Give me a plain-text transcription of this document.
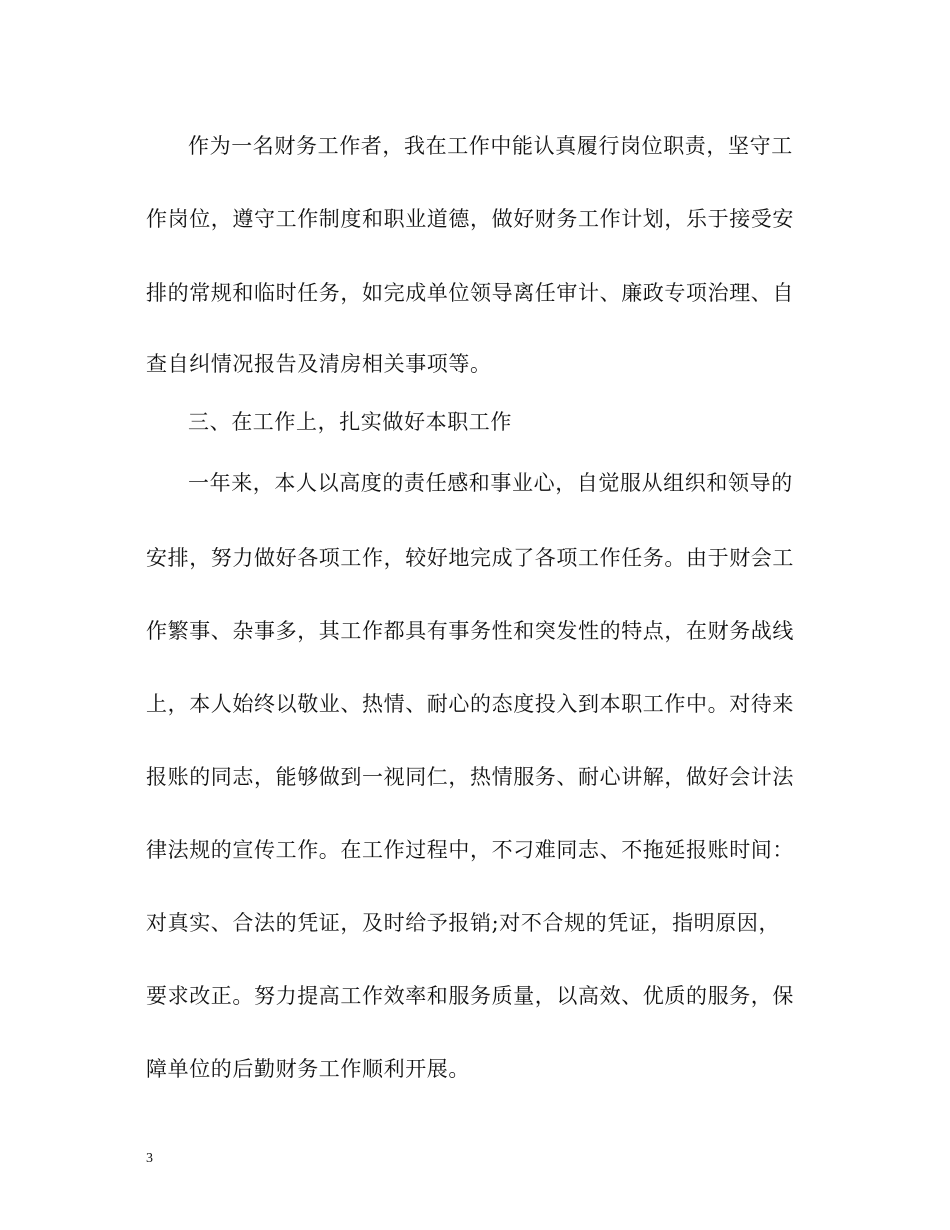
作为一名财务工作者，我在工作中能认真履行岗位职责，坚守工
作岗位，遵守工作制度和职业道德，做好财务工作计划，乐于接受安
排的常规和临时任务，如完成单位领导离任审计、廉政专项治理、自
查自纠情况报告及清房相关事项等。
三、在工作上，扎实做好本职工作
一年来，本人以高度的责任感和事业心，自觉服从组织和领导的
安排，努力做好各项工作，较好地完成了各项工作任务。由于财会工
作繁事、杂事多，其工作都具有事务性和突发性的特点，在财务战线
上，本人始终以敬业、热情、耐心的态度投入到本职工作中。对待来
报账的同志，能够做到一视同仁，热情服务、耐心讲解，做好会计法
律法规的宣传工作。在工作过程中，不刁难同志、不拖延报账时间：
对真实、合法的凭证，及时给予报销;对不合规的凭证，指明原因，
要求改正。努力提高工作效率和服务质量，以高效、优质的服务，保
障单位的后勤财务工作顺利开展。
3
